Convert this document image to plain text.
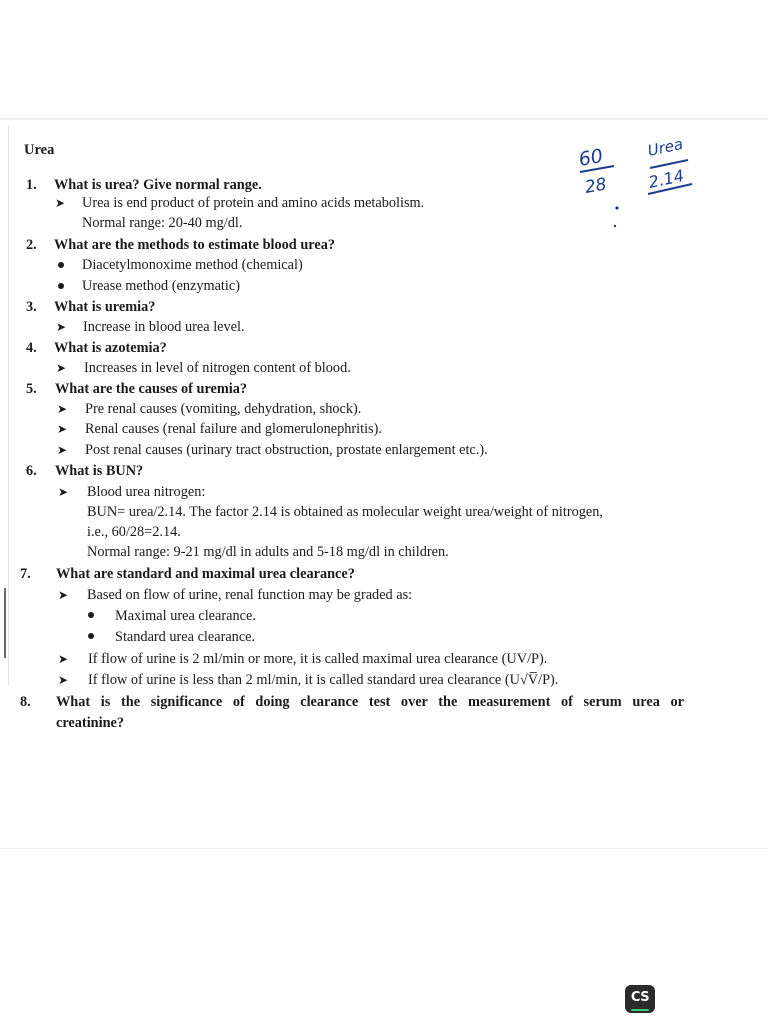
Urea
1. What is urea? Give normal range.
➤ Urea is end product of protein and amino acids metabolism.
Normal range: 20-40 mg/dl.
2. What are the methods to estimate blood urea?
Diacetylmonoxime method (chemical)
Urease method (enzymatic)
3. What is uremia?
➤ Increase in blood urea level.
4. What is azotemia?
➤ Increases in level of nitrogen content of blood.
5. What are the causes of uremia?
➤ Pre renal causes (vomiting, dehydration, shock).
➤ Renal causes (renal failure and glomerulonephritis).
➤ Post renal causes (urinary tract obstruction, prostate enlargement etc.).
6. What is BUN?
➤ Blood urea nitrogen:
BUN= urea/2.14. The factor 2.14 is obtained as molecular weight urea/weight of nitrogen,
i.e., 60/28=2.14.
Normal range: 9-21 mg/dl in adults and 5-18 mg/dl in children.
7. What are standard and maximal urea clearance?
➤ Based on flow of urine, renal function may be graded as:
Maximal urea clearance.
Standard urea clearance.
➤ If flow of urine is 2 ml/min or more, it is called maximal urea clearance (UV/P).
➤ If flow of urine is less than 2 ml/min, it is called standard urea clearance (U√V̅/P).
8. What is the significance of doing clearance test over the measurement of serum urea or
creatinine?
60
28
Urea
2.14
CS
